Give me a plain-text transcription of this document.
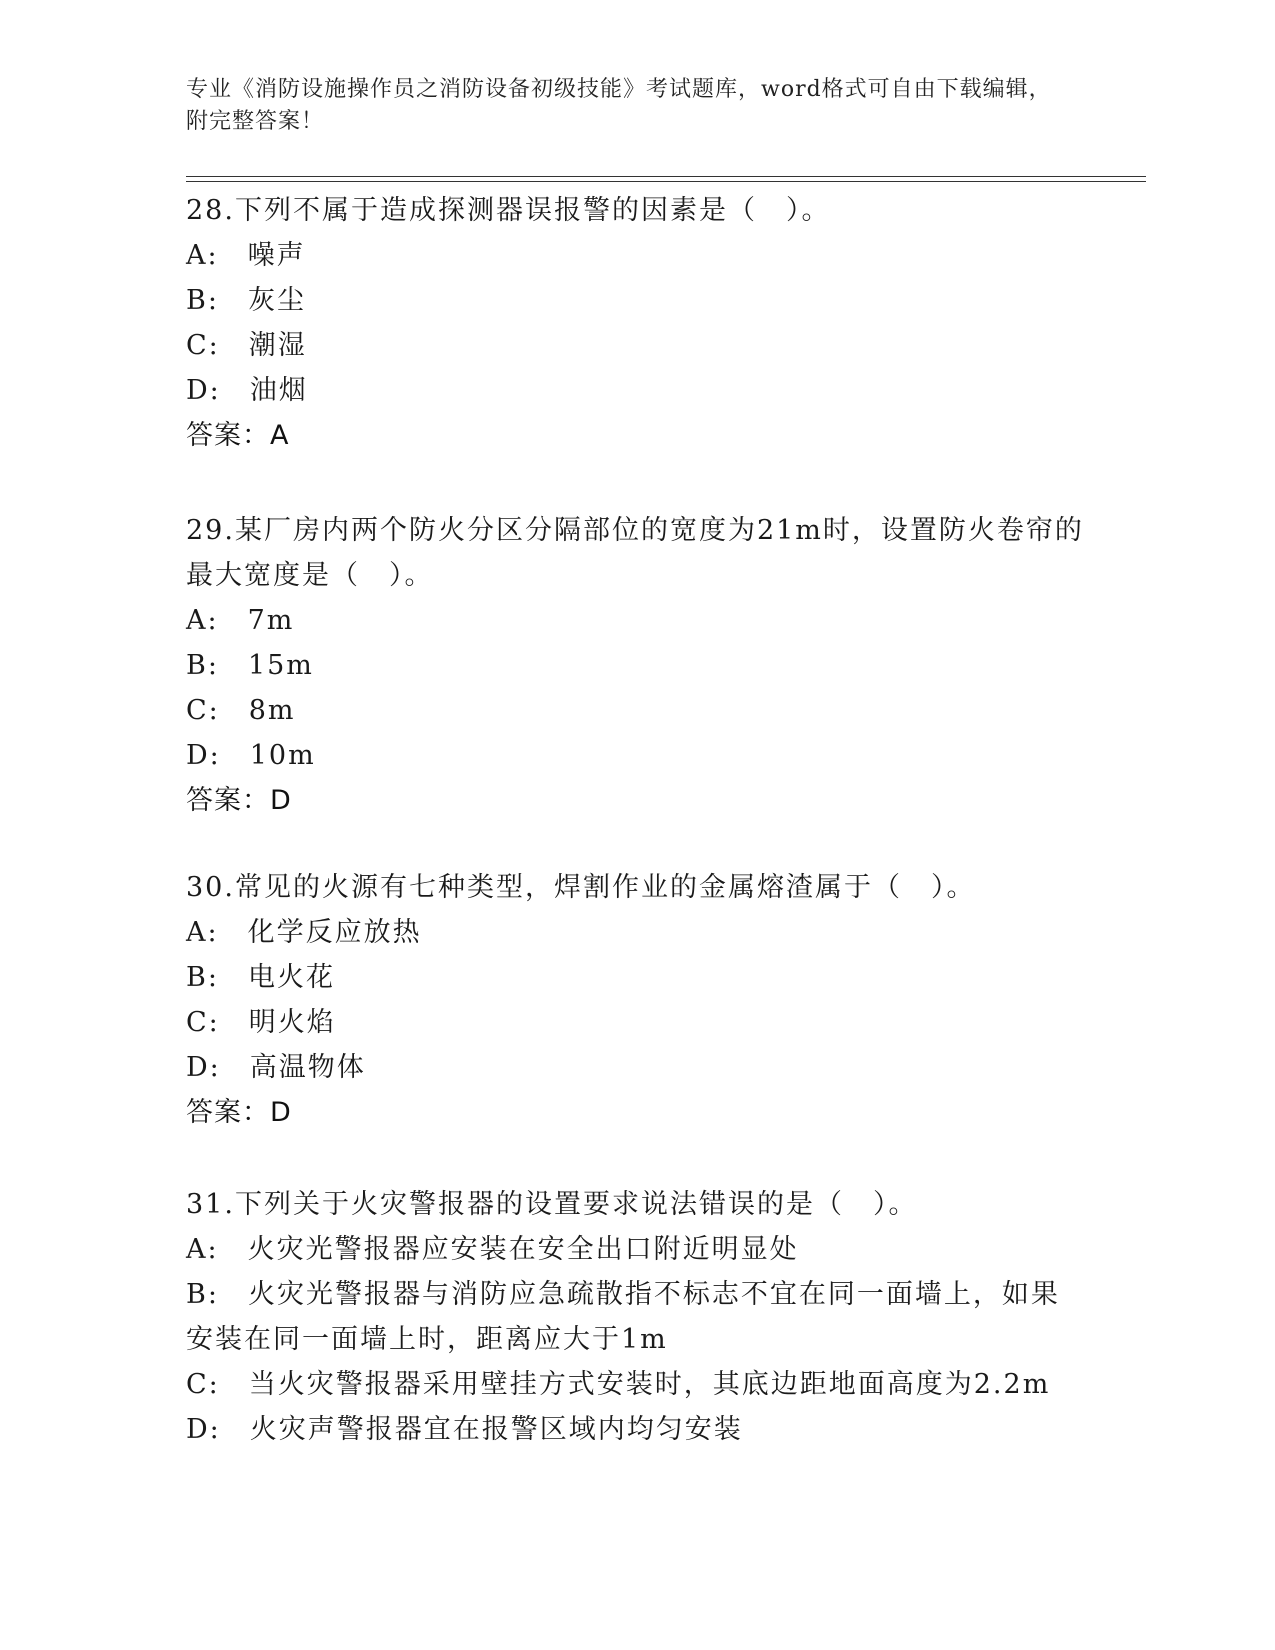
专业《消防设施操作员之消防设备初级技能》考试题库，word格式可自由下载编辑，附完整答案！
28.下列不属于造成探测器误报警的因素是（　）。
A:　噪声
B:　灰尘
C:　潮湿
D:　油烟
答案：A
29.某厂房内两个防火分区分隔部位的宽度为21m时，设置防火卷帘的最大宽度是（　）。
A:　7m
B:　15m
C:　8m
D:　10m
答案：D
30.常见的火源有七种类型，焊割作业的金属熔渣属于（　）。
A:　化学反应放热
B:　电火花
C:　明火焰
D:　高温物体
答案：D
31.下列关于火灾警报器的设置要求说法错误的是（　）。
A:　火灾光警报器应安装在安全出口附近明显处
B:　火灾光警报器与消防应急疏散指不标志不宜在同一面墙上，如果安装在同一面墙上时，距离应大于1m
C:　当火灾警报器采用壁挂方式安装时，其底边距地面高度为2.2m
D:　火灾声警报器宜在报警区域内均匀安装
